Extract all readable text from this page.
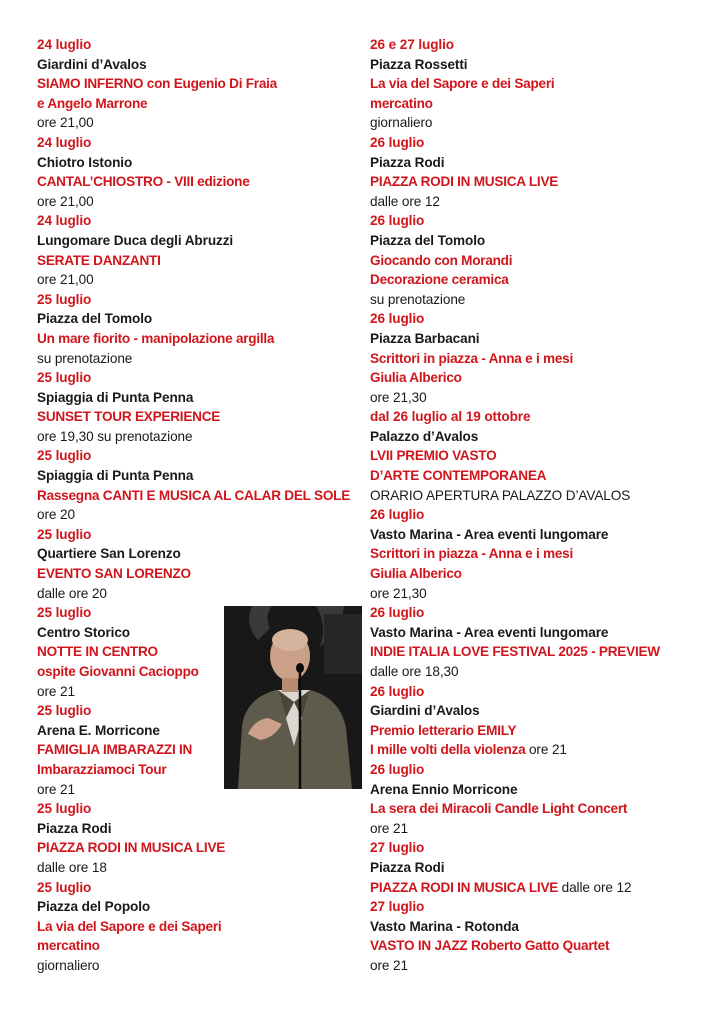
24 luglio
Giardini d’Avalos
SIAMO INFERNO con Eugenio Di Fraia
e Angelo Marrone
ore 21,00
24 luglio
Chiotro Istonio
CANTAL’CHIOSTRO - VIII edizione
ore 21,00
24 luglio
Lungomare Duca degli Abruzzi
SERATE DANZANTI
ore 21,00
25 luglio
Piazza del Tomolo
Un mare fiorito - manipolazione argilla
su prenotazione
25 luglio
Spiaggia di Punta Penna
SUNSET TOUR EXPERIENCE
ore 19,30 su prenotazione
25 luglio
Spiaggia di Punta Penna
Rassegna CANTI E MUSICA AL CALAR DEL SOLE
ore 20
25 luglio
Quartiere San Lorenzo
EVENTO SAN LORENZO
dalle ore 20
25 luglio
Centro Storico
NOTTE IN CENTRO
ospite Giovanni Cacioppo
ore 21
25 luglio
Arena E. Morricone
FAMIGLIA IMBARAZZI IN
Imbarazziamoci Tour
ore 21
25 luglio
Piazza Rodi
PIAZZA RODI IN MUSICA LIVE
dalle ore 18
25 luglio
Piazza del Popolo
La via del Sapore e dei Saperi
mercatino
giornaliero
26 e 27 luglio
Piazza Rossetti
La via del Sapore e dei Saperi
mercatino
giornaliero
26 luglio
Piazza Rodi
PIAZZA RODI IN MUSICA LIVE
dalle ore 12
26 luglio
Piazza del Tomolo
Giocando con Morandi
Decorazione ceramica
su prenotazione
26 luglio
Piazza Barbacani
Scrittori in piazza - Anna e i mesi
Giulia Alberico
ore 21,30
dal 26 luglio al 19 ottobre
Palazzo d’Avalos
LVII PREMIO VASTO
D’ARTE CONTEMPORANEA
ORARIO APERTURA PALAZZO D’AVALOS
26 luglio
Vasto Marina - Area eventi lungomare
Scrittori in piazza - Anna e i mesi
Giulia Alberico
ore 21,30
26 luglio
Vasto Marina - Area eventi lungomare
INDIE ITALIA LOVE FESTIVAL 2025 - PREVIEW
dalle ore 18,30
26 luglio
Giardini d’Avalos
Premio letterario EMILY
I mille volti della violenza ore 21
26 luglio
Arena Ennio Morricone
La sera dei Miracoli Candle Light Concert
ore 21
27 luglio
Piazza Rodi
PIAZZA RODI IN MUSICA LIVE dalle ore 12
27 luglio
Vasto Marina - Rotonda
VASTO IN JAZZ Roberto Gatto Quartet
ore 21
